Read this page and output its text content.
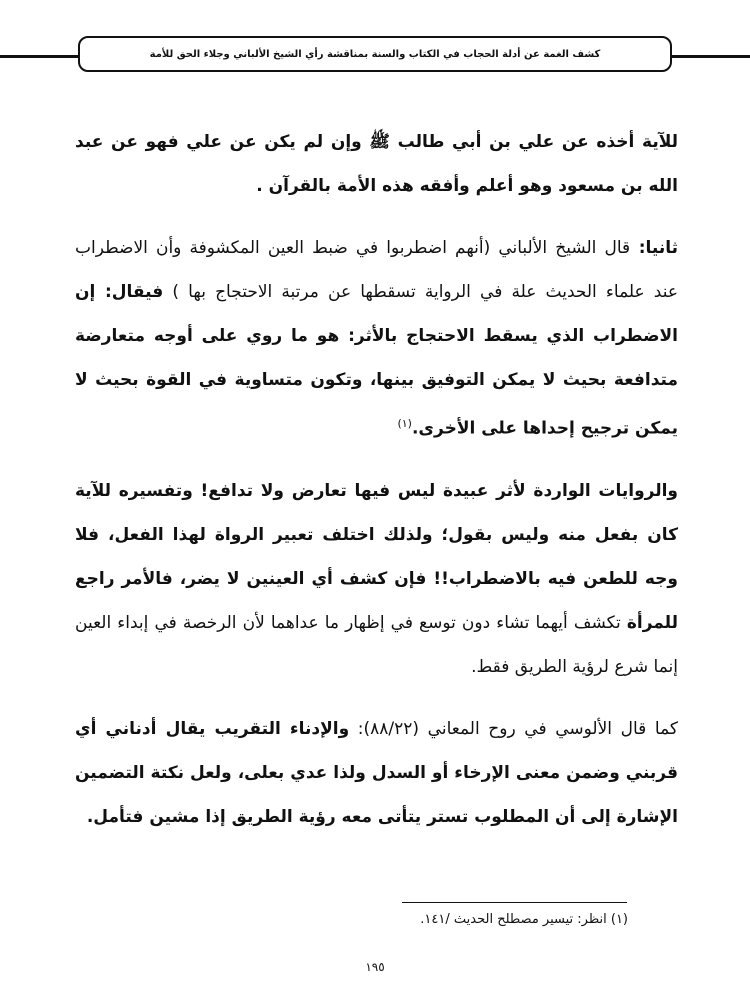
كشف الغمة عن أدلة الحجاب في الكتاب والسنة بمناقشة رأي الشيخ الألباني وجلاء الحق للأمة

للآية أخذه عن علي بن أبي طالب ﷺ وإن لم يكن عن علي فهو عن عبد الله بن مسعود وهو أعلم وأفقه هذه الأمة بالقرآن .

ثانيا: قال الشيخ الألباني (أنهم اضطربوا في ضبط العين المكشوفة وأن الاضطراب عند علماء الحديث علة في الرواية تسقطها عن مرتبة الاحتجاج بها ) فيقال: إن الاضطراب الذي يسقط الاحتجاج بالأثر: هو ما روي على أوجه متعارضة متدافعة بحيث لا يمكن التوفيق بينها، وتكون متساوية في القوة بحيث لا يمكن ترجيح إحداها على الأخرى.$^{(١)}$

والروايات الواردة لأثر عبيدة ليس فيها تعارض ولا تدافع! وتفسيره للآية كان بفعل منه وليس بقول؛ ولذلك اختلف تعبير الرواة لهذا الفعل، فلا وجه للطعن فيه بالاضطراب!! فإن كشف أي العينين لا يضر، فالأمر راجع للمرأة تكشف أيهما تشاء دون توسع في إظهار ما عداهما لأن الرخصة في إبداء العين إنما شرع لرؤية الطريق فقط.

كما قال الألوسي في روح المعاني (٨٨/٢٢): والإدناء التقريب يقال أدناني أي قربني وضمن معنى الإرخاء أو السدل ولذا عدي بعلى، ولعل نكتة التضمين الإشارة إلى أن المطلوب تستر يتأتى معه رؤية الطريق إذا مشين فتأمل.

(١) انظر: تيسير مصطلح الحديث /١٤١.
١٩٥
